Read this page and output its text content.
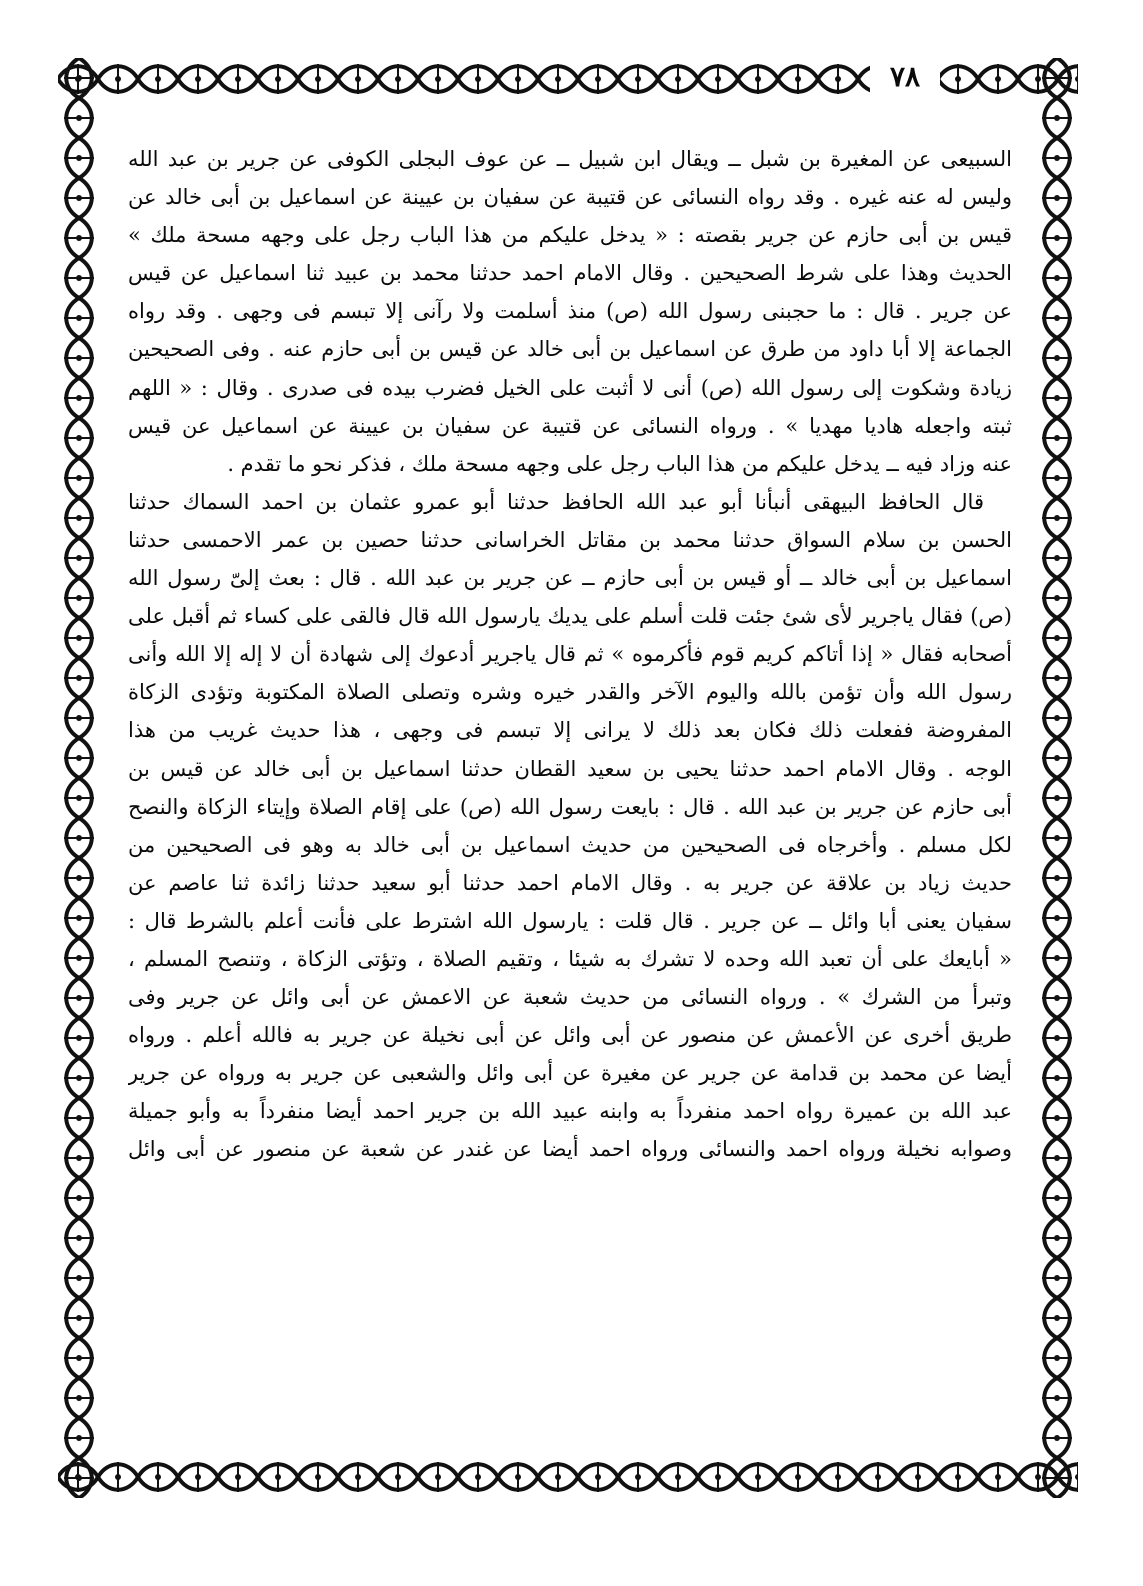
٧٨
السبيعى عن المغيرة بن شبل ــ ويقال ابن شبيل ــ عن عوف البجلى الكوفى عن جرير بن عبد الله
وليس له عنه غيره . وقد رواه النسائى عن قتيبة عن سفيان بن عيينة عن اسماعيل بن أبى خالد عن
قيس بن أبى حازم عن جرير بقصته : « يدخل عليكم من هذا الباب رجل على وجهه مسحة ملك »
الحديث وهذا على شرط الصحيحين . وقال الامام احمد حدثنا محمد بن عبيد ثنا اسماعيل عن قيس
عن جرير . قال : ما حجبنى رسول الله (ص) منذ أسلمت ولا رآنى إلا تبسم فى وجهى . وقد رواه
الجماعة إلا أبا داود من طرق عن اسماعيل بن أبى خالد عن قيس بن أبى حازم عنه . وفى الصحيحين
زيادة وشكوت إلى رسول الله (ص) أنى لا أثبت على الخيل فضرب بيده فى صدرى . وقال : « اللهم
ثبته واجعله هاديا مهديا » . ورواه النسائى عن قتيبة عن سفيان بن عيينة عن اسماعيل عن قيس
عنه وزاد فيه ــ يدخل عليكم من هذا الباب رجل على وجهه مسحة ملك ، فذكر نحو ما تقدم .
قال الحافظ البيهقى أنبأنا أبو عبد الله الحافظ حدثنا أبو عمرو عثمان بن احمد السماك حدثنا
الحسن بن سلام السواق حدثنا محمد بن مقاتل الخراسانى حدثنا حصين بن عمر الاحمسى حدثنا
اسماعيل بن أبى خالد ــ أو قيس بن أبى حازم ــ عن جرير بن عبد الله . قال : بعث إلىّ رسول الله
(ص) فقال ياجرير لأى شئ جئت قلت أسلم على يديك يارسول الله قال فالقى على كساء ثم أقبل على
أصحابه فقال « إذا أتاكم كريم قوم فأكرموه » ثم قال ياجرير أدعوك إلى شهادة أن لا إله إلا الله وأنى
رسول الله وأن تؤمن بالله واليوم الآخر والقدر خيره وشره وتصلى الصلاة المكتوبة وتؤدى الزكاة
المفروضة ففعلت ذلك فكان بعد ذلك لا يرانى إلا تبسم فى وجهى ، هذا حديث غريب من هذا
الوجه . وقال الامام احمد حدثنا يحيى بن سعيد القطان حدثنا اسماعيل بن أبى خالد عن قيس بن
أبى حازم عن جرير بن عبد الله . قال : بايعت رسول الله (ص) على إقام الصلاة وإيتاء الزكاة والنصح
لكل مسلم . وأخرجاه فى الصحيحين من حديث اسماعيل بن أبى خالد به وهو فى الصحيحين من
حديث زياد بن علاقة عن جرير به . وقال الامام احمد حدثنا أبو سعيد حدثنا زائدة ثنا عاصم عن
سفيان يعنى أبا وائل ــ عن جرير . قال قلت : يارسول الله اشترط على فأنت أعلم بالشرط قال :
« أبايعك على أن تعبد الله وحده لا تشرك به شيئا ، وتقيم الصلاة ، وتؤتى الزكاة ، وتنصح المسلم ،
وتبرأ من الشرك » . ورواه النسائى من حديث شعبة عن الاعمش عن أبى وائل عن جرير وفى
طريق أخرى عن الأعمش عن منصور عن أبى وائل عن أبى نخيلة عن جرير به فالله أعلم . ورواه
أيضا عن محمد بن قدامة عن جرير عن مغيرة عن أبى وائل والشعبى عن جرير به ورواه عن جرير
عبد الله بن عميرة رواه احمد منفرداً به وابنه عبيد الله بن جرير احمد أيضا منفرداً به وأبو جميلة
وصوابه نخيلة ورواه احمد والنسائى ورواه احمد أيضا عن غندر عن شعبة عن منصور عن أبى وائل
